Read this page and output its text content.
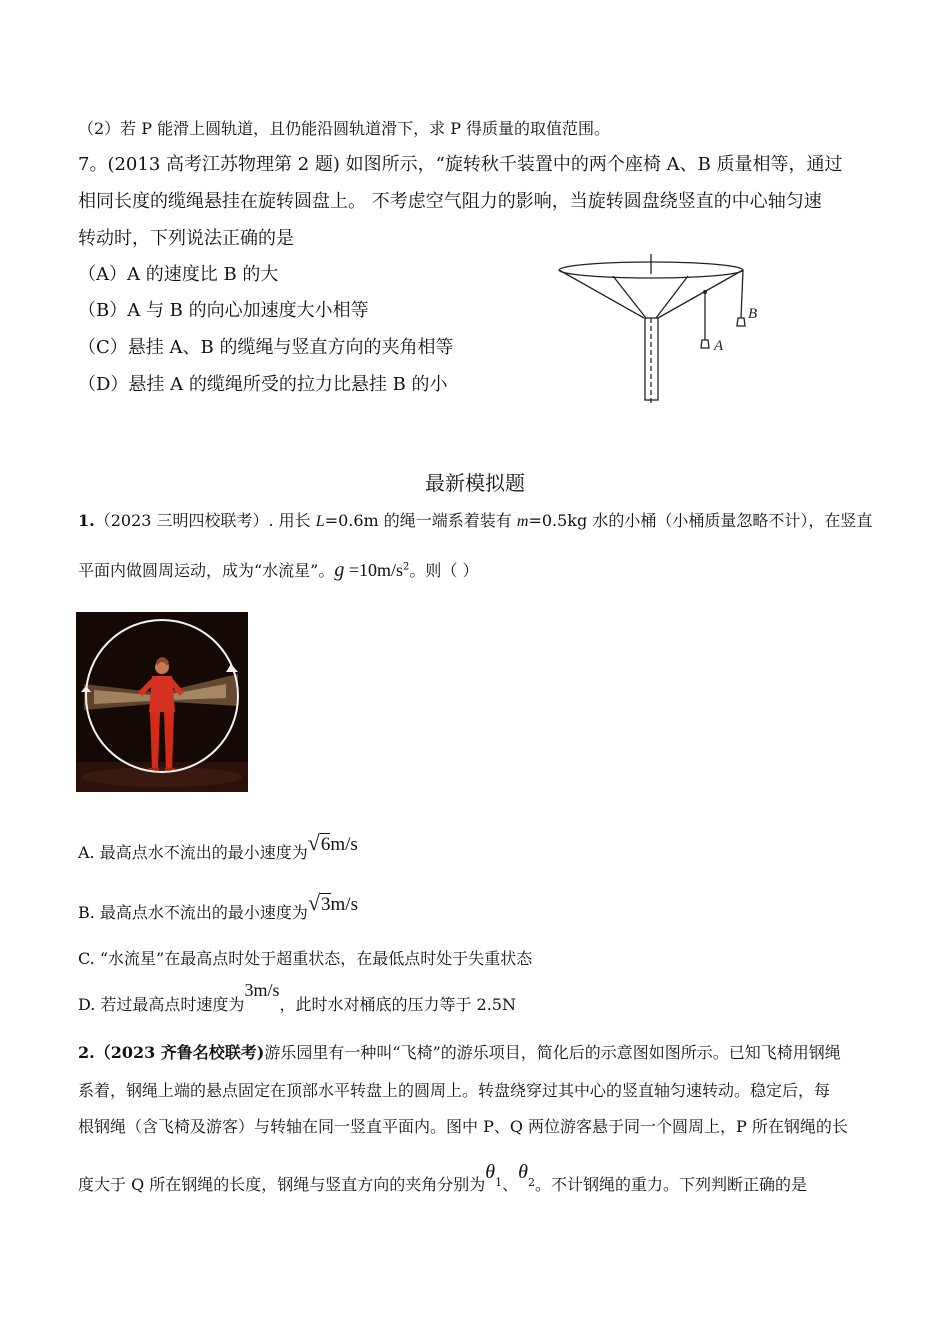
（2）若 P 能滑上圆轨道，且仍能沿圆轨道滑下，求 P 得质量的取值范围。
7。(2013 高考江苏物理第 2 题) 如图所示，“旋转秋千装置中的两个座椅 A、B 质量相等，通过
相同长度的缆绳悬挂在旋转圆盘上。 不考虑空气阻力的影响，当旋转圆盘绕竖直的中心轴匀速
转动时，下列说法正确的是
（A）A 的速度比 B 的大
（B）A 与 B 的向心加速度大小相等
（C）悬挂 A、B 的缆绳与竖直方向的夹角相等
（D）悬挂 A 的缆绳所受的拉力比悬挂 B 的小
A
B
最新模拟题
1.（2023 三明四校联考）. 用长 L=0.6m 的绳一端系着装有 m=0.5kg 水的小桶（小桶质量忽略不计），在竖直
平面内做圆周运动，成为“水流星”。$g =10m/s^2$。则（ ）
A. 最高点水不流出的最小速度为√6m/s
B. 最高点水不流出的最小速度为√3m/s
C. “水流星”在最高点时处于超重状态，在最低点时处于失重状态
D. 若过最高点时速度为3m/s，此时水对桶底的压力等于 2.5N
2.（2023 齐鲁名校联考)游乐园里有一种叫“飞椅”的游乐项目，简化后的示意图如图所示。已知飞椅用钢绳
系着，钢绳上端的悬点固定在顶部水平转盘上的圆周上。转盘绕穿过其中心的竖直轴匀速转动。稳定后，每
根钢绳（含飞椅及游客）与转轴在同一竖直平面内。图中 P、Q 两位游客悬于同一个圆周上，P 所在钢绳的长
度大于 Q 所在钢绳的长度，钢绳与竖直方向的夹角分别为$\theta_1$、$\theta_2$。不计钢绳的重力。下列判断正确的是
